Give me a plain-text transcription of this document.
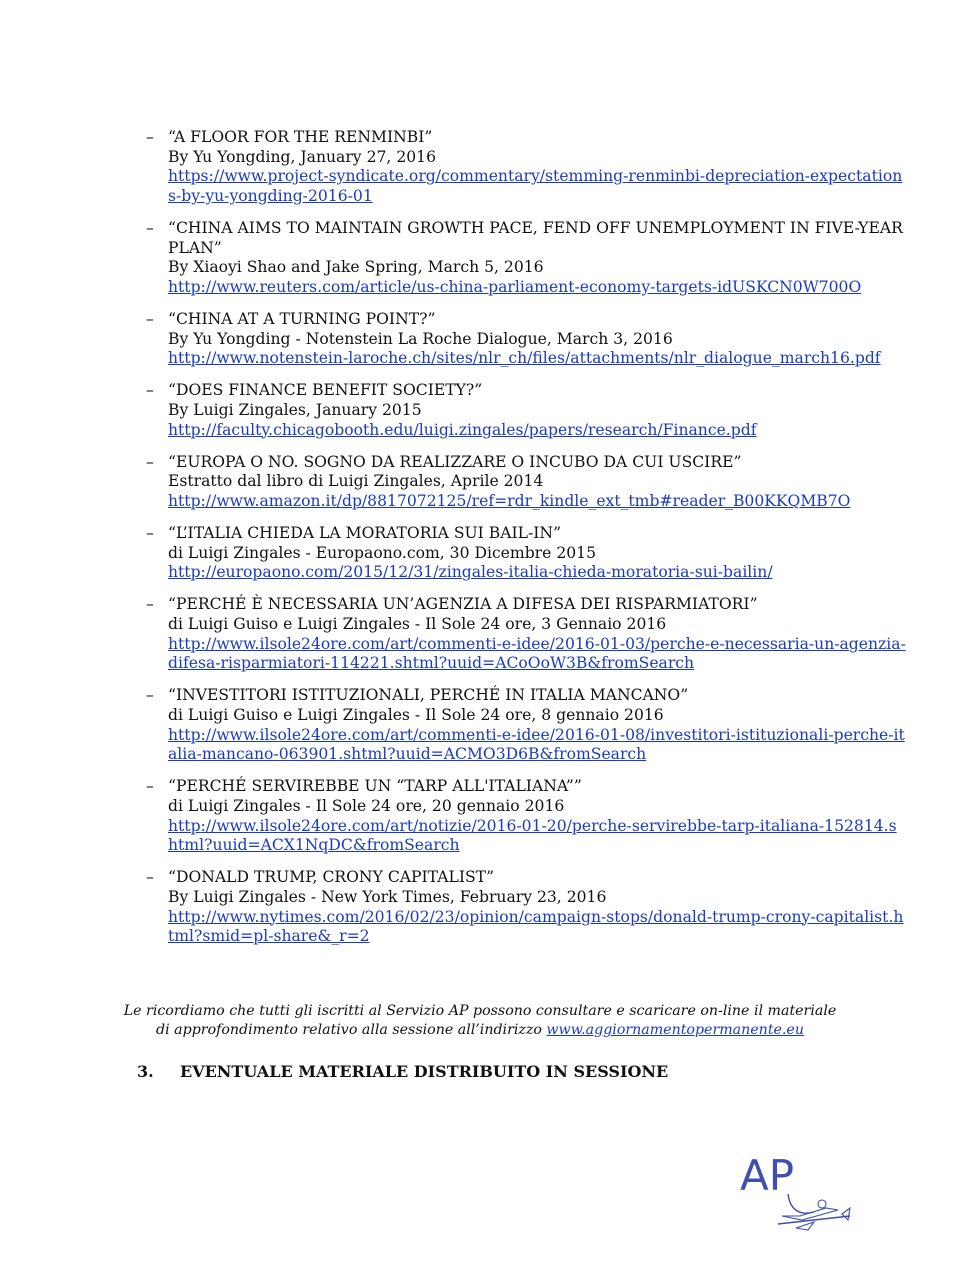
– “A FLOOR FOR THE RENMINBI”
By Yu Yongding, January 27, 2016
https://www.project-syndicate.org/commentary/stemming-renminbi-depreciation-expectations-by-yu-yongding-2016-01
– “CHINA AIMS TO MAINTAIN GROWTH PACE, FEND OFF UNEMPLOYMENT IN FIVE-YEAR PLAN”
By Xiaoyi Shao and Jake Spring, March 5, 2016
http://www.reuters.com/article/us-china-parliament-economy-targets-idUSKCN0W700O
– “CHINA AT A TURNING POINT?”
By Yu Yongding - Notenstein La Roche Dialogue, March 3, 2016
http://www.notenstein-laroche.ch/sites/nlr_ch/files/attachments/nlr_dialogue_march16.pdf
– “DOES FINANCE BENEFIT SOCIETY?”
By Luigi Zingales, January 2015
http://faculty.chicagobooth.edu/luigi.zingales/papers/research/Finance.pdf
– “EUROPA O NO. SOGNO DA REALIZZARE O INCUBO DA CUI USCIRE”
Estratto dal libro di Luigi Zingales, Aprile 2014
http://www.amazon.it/dp/8817072125/ref=rdr_kindle_ext_tmb#reader_B00KKQMB7O
– “L’ITALIA CHIEDA LA MORATORIA SUI BAIL-IN”
di Luigi Zingales - Europaono.com, 30 Dicembre 2015
http://europaono.com/2015/12/31/zingales-italia-chieda-moratoria-sui-bailin/
– “PERCHÉ È NECESSARIA UN’AGENZIA A DIFESA DEI RISPARMIATORI”
di Luigi Guiso e Luigi Zingales - Il Sole 24 ore, 3 Gennaio 2016
http://www.ilsole24ore.com/art/commenti-e-idee/2016-01-03/perche-e-necessaria-un-agenzia-difesa-risparmiatori-114221.shtml?uuid=ACoOoW3B&fromSearch
– “INVESTITORI ISTITUZIONALI, PERCHÉ IN ITALIA MANCANO”
di Luigi Guiso e Luigi Zingales - Il Sole 24 ore, 8 gennaio 2016
http://www.ilsole24ore.com/art/commenti-e-idee/2016-01-08/investitori-istituzionali-perche-italia-mancano-063901.shtml?uuid=ACMO3D6B&fromSearch
– “PERCHÉ SERVIREBBE UN “TARP ALL'ITALIANA””
di Luigi Zingales - Il Sole 24 ore, 20 gennaio 2016
http://www.ilsole24ore.com/art/notizie/2016-01-20/perche-servirebbe-tarp-italiana-152814.shtml?uuid=ACX1NqDC&fromSearch
– “DONALD TRUMP, CRONY CAPITALIST”
By Luigi Zingales - New York Times, February 23, 2016
http://www.nytimes.com/2016/02/23/opinion/campaign-stops/donald-trump-crony-capitalist.html?smid=pl-share&_r=2

Le ricordiamo che tutti gli iscritti al Servizio AP possono consultare e scaricare on-line il materiale di approfondimento relativo alla sessione all’indirizzo www.aggiornamentopermanente.eu

3. EVENTUALE MATERIALE DISTRIBUITO IN SESSIONE
AP
